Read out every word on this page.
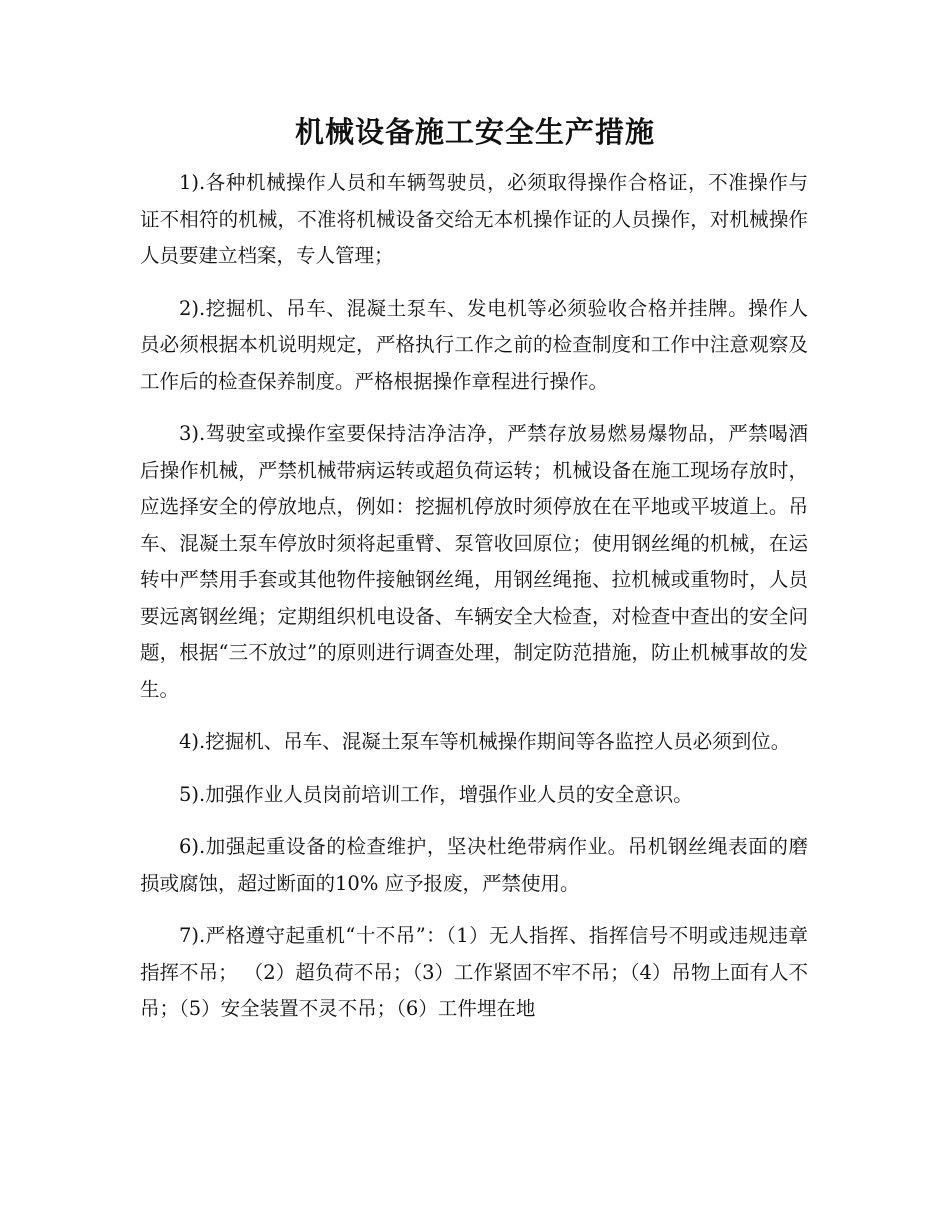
机械设备施工安全生产措施

1).各种机械操作人员和车辆驾驶员，必须取得操作合格证，不准操作与证不相符的机械，不准将机械设备交给无本机操作证的人员操作，对机械操作人员要建立档案，专人管理；

2).挖掘机、吊车、混凝土泵车、发电机等必须验收合格并挂牌。操作人员必须根据本机说明规定，严格执行工作之前的检查制度和工作中注意观察及工作后的检查保养制度。严格根据操作章程进行操作。

3).驾驶室或操作室要保持洁净洁净，严禁存放易燃易爆物品，严禁喝酒后操作机械，严禁机械带病运转或超负荷运转；机械设备在施工现场存放时，应选择安全的停放地点，例如：挖掘机停放时须停放在在平地或平坡道上。吊车、混凝土泵车停放时须将起重臂、泵管收回原位；使用钢丝绳的机械，在运转中严禁用手套或其他物件接触钢丝绳，用钢丝绳拖、拉机械或重物时，人员要远离钢丝绳；定期组织机电设备、车辆安全大检查，对检查中查出的安全问题，根据“三不放过”的原则进行调查处理，制定防范措施，防止机械事故的发生。

4).挖掘机、吊车、混凝土泵车等机械操作期间等各监控人员必须到位。

5).加强作业人员岗前培训工作，增强作业人员的安全意识。

6).加强起重设备的检查维护，坚决杜绝带病作业。吊机钢丝绳表面的磨损或腐蚀，超过断面的10% 应予报废，严禁使用。

7).严格遵守起重机“十不吊”：（1）无人指挥、指挥信号不明或违规违章指挥不吊； （2）超负荷不吊；（3）工作紧固不牢不吊；（4）吊物上面有人不吊；（5）安全装置不灵不吊；（6）工件埋在地
